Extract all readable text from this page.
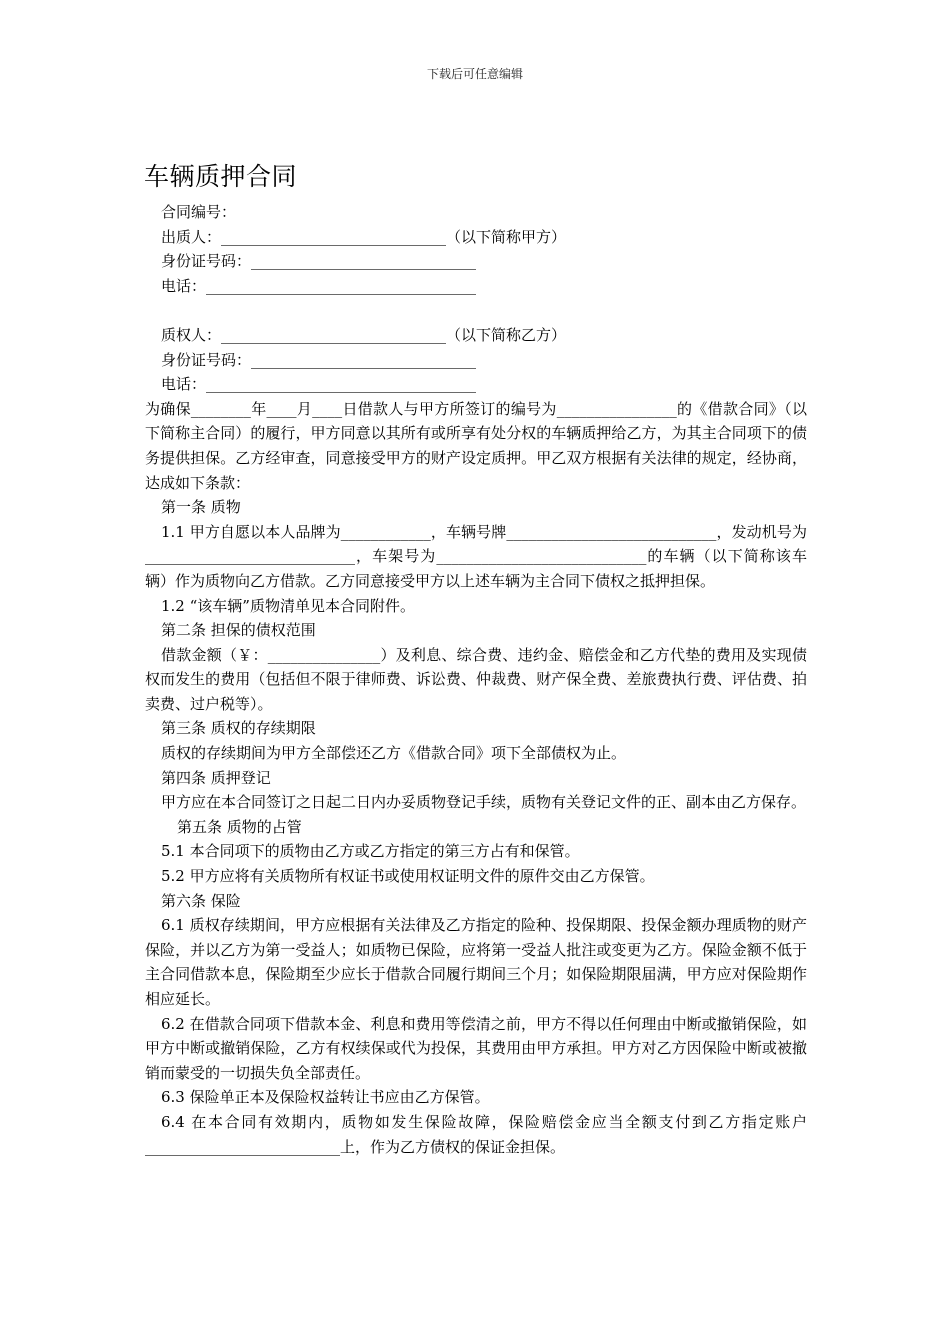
下载后可任意编辑
车辆质押合同

合同编号：

出质人：______________________________（以下简称甲方）

身份证号码：______________________________

电话：____________________________________

质权人：______________________________（以下简称乙方）

身份证号码：______________________________

电话：____________________________________

为确保________年____月____日借款人与甲方所签订的编号为________________的《借款合同》（以下简称主合同）的履行，甲方同意以其所有或所享有处分权的车辆质押给乙方，为其主合同项下的债务提供担保。乙方经审查，同意接受甲方的财产设定质押。甲乙双方根据有关法律的规定，经协商，达成如下条款：

第一条 质物

1.1 甲方自愿以本人品牌为____________，车辆号牌____________________________，发动机号为____________________________，车架号为____________________________的车辆（以下简称该车辆）作为质物向乙方借款。乙方同意接受甲方以上述车辆为主合同下债权之抵押担保。

1.2 “该车辆”质物清单见本合同附件。

第二条 担保的债权范围

借款金额（￥：_______________）及利息、综合费、违约金、赔偿金和乙方代垫的费用及实现债权而发生的费用（包括但不限于律师费、诉讼费、仲裁费、财产保全费、差旅费执行费、评估费、拍卖费、过户税等）。

第三条 质权的存续期限

质权的存续期间为甲方全部偿还乙方《借款合同》项下全部债权为止。

第四条 质押登记

甲方应在本合同签订之日起二日内办妥质物登记手续，质物有关登记文件的正、副本由乙方保存。

第五条 质物的占管

5.1 本合同项下的质物由乙方或乙方指定的第三方占有和保管。

5.2 甲方应将有关质物所有权证书或使用权证明文件的原件交由乙方保管。

第六条 保险

6.1 质权存续期间，甲方应根据有关法律及乙方指定的险种、投保期限、投保金额办理质物的财产保险，并以乙方为第一受益人；如质物已保险，应将第一受益人批注或变更为乙方。保险金额不低于主合同借款本息，保险期至少应长于借款合同履行期间三个月；如保险期限届满，甲方应对保险期作相应延长。

6.2 在借款合同项下借款本金、利息和费用等偿清之前，甲方不得以任何理由中断或撤销保险，如甲方中断或撤销保险，乙方有权续保或代为投保，其费用由甲方承担。甲方对乙方因保险中断或被撤销而蒙受的一切损失负全部责任。

6.3 保险单正本及保险权益转让书应由乙方保管。

6.4 在本合同有效期内，质物如发生保险故障，保险赔偿金应当全额支付到乙方指定账户__________________________上，作为乙方债权的保证金担保。
